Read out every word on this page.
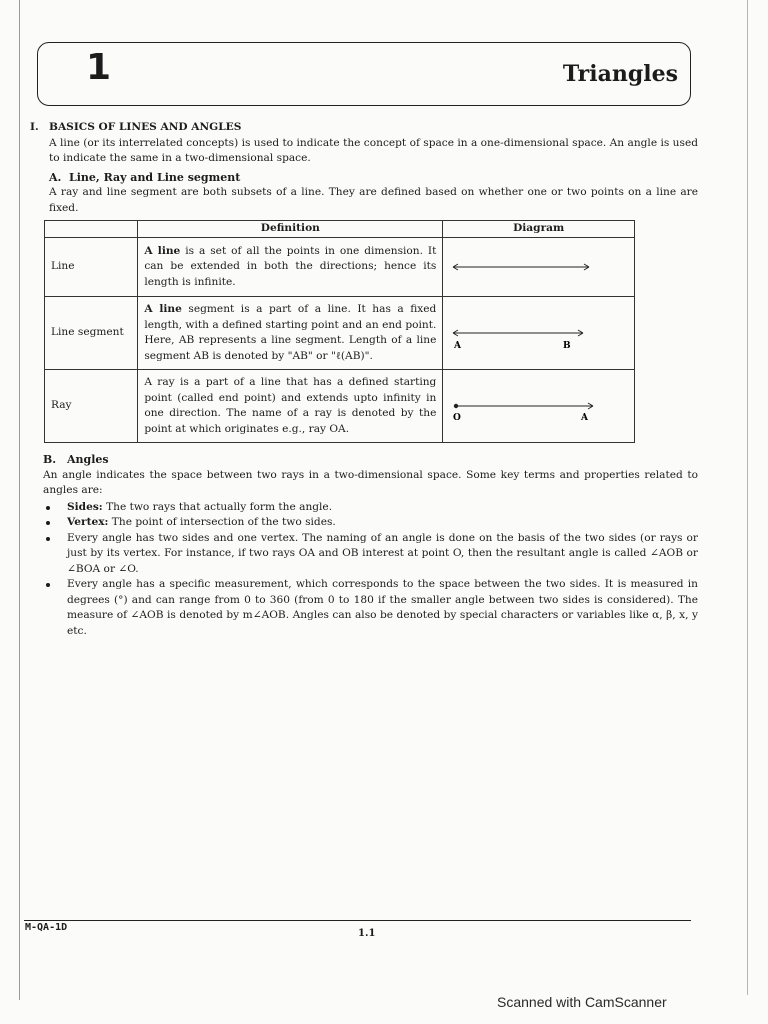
1	Triangles
I. BASICS OF LINES AND ANGLES
A line (or its interrelated concepts) is used to indicate the concept of space in a one-dimensional space. An angle is used to indicate the same in a two-dimensional space.
A. Line, Ray and Line segment
A ray and line segment are both subsets of a line. They are defined based on whether one or two points on a line are fixed.
	Definition	Diagram
Line	A line is a set of all the points in one dimension. It can be extended in both the directions; hence its length is infinite.	

Line segment	A line segment is a part of a line. It has a fixed length, with a defined starting point and an end point. Here, AB represents a line segment. Length of a line segment AB is denoted by "AB" or "ℓ(AB)".	A B

Ray	A ray is a part of a line that has a defined starting point (called end point) and extends upto infinity in one direction. The name of a ray is denoted by the point at which originates e.g., ray OA.	O A
B. Angles
An angle indicates the space between two rays in a two-dimensional space. Some key terms and properties related to angles are:
Sides: The two rays that actually form the angle.
Vertex: The point of intersection of the two sides.
Every angle has two sides and one vertex. The naming of an angle is done on the basis of the two sides (or rays or just by its vertex. For instance, if two rays OA and OB interest at point O, then the resultant angle is called ∠AOB or ∠BOA or ∠O.
Every angle has a specific measurement, which corresponds to the space between the two sides. It is measured in degrees (°) and can range from 0 to 360 (from 0 to 180 if the smaller angle between two sides is considered). The measure of ∠AOB is denoted by m∠AOB. Angles can also be denoted by special characters or variables like α, β, x, y etc.
M-QA-1D
1.1
Scanned with CamScanner
